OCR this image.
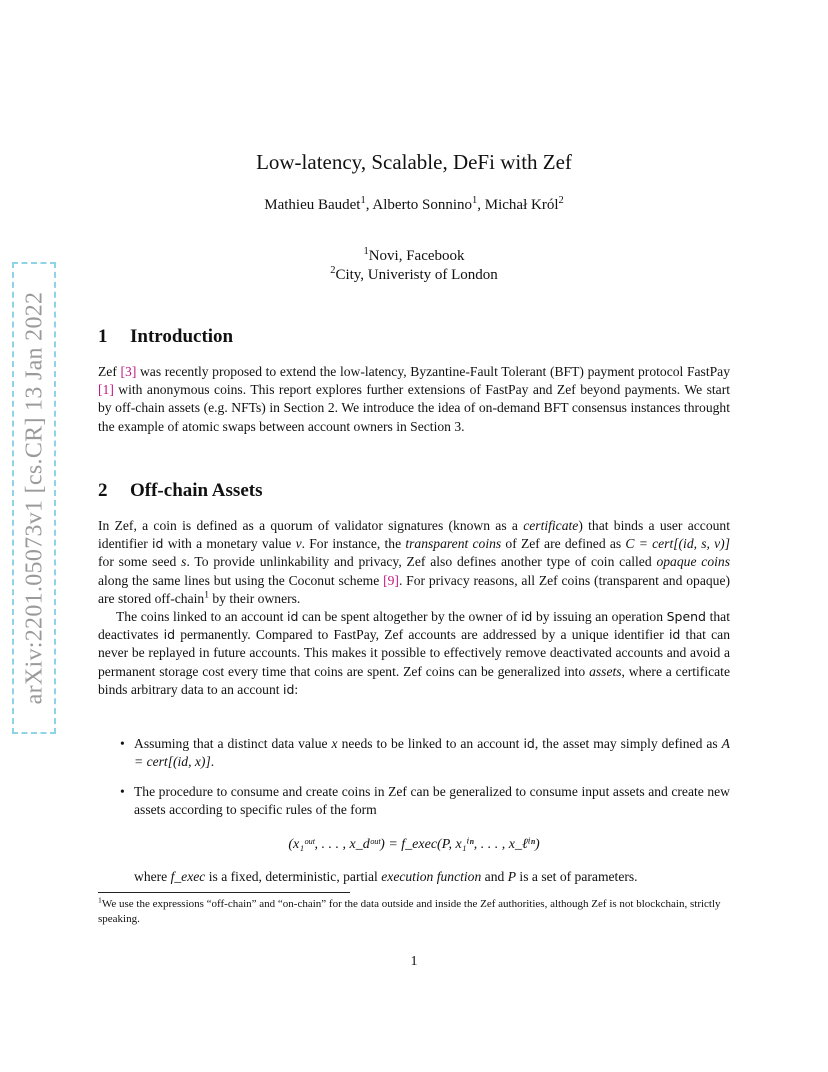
arXiv:2201.05073v1 [cs.CR] 13 Jan 2022
Low-latency, Scalable, DeFi with Zef
Mathieu Baudet$^1$, Alberto Sonnino$^1$, Michał Król$^2$
$^1$Novi, Facebook
$^2$City, Univeristy of London
1 Introduction

Zef [3] was recently proposed to extend the low-latency, Byzantine-Fault Tolerant (BFT) payment protocol FastPay [1] with anonymous coins. This report explores further extensions of FastPay and Zef beyond payments. We start by off-chain assets (e.g. NFTs) in Section 2. We introduce the idea of on-demand BFT consensus instances throught the example of atomic swaps between account owners in Section 3.

2 Off-chain Assets

In Zef, a coin is defined as a quorum of validator signatures (known as a certificate) that binds a user account identifier id with a monetary value v. For instance, the transparent coins of Zef are defined as C = cert[(id, s, v)] for some seed s. To provide unlinkability and privacy, Zef also defines another type of coin called opaque coins along the same lines but using the Coconut scheme [9]. For privacy reasons, all Zef coins (transparent and opaque) are stored off-chain$^1$ by their owners.

The coins linked to an account id can be spent altogether by the owner of id by issuing an operation Spend that deactivates id permanently. Compared to FastPay, Zef accounts are addressed by a unique identifier id that can never be replayed in future accounts. This makes it possible to effectively remove deactivated accounts and avoid a permanent storage cost every time that coins are spent. Zef coins can be generalized into assets, where a certificate binds arbitrary data to an account id:

• Assuming that a distinct data value x needs to be linked to an account id, the asset may simply defined as A = cert[(id, x)].
• The procedure to consume and create coins in Zef can be generalized to consume input assets and create new assets according to specific rules of the form
(x₁ᵒᵘᵗ, . . . , x_dᵒᵘᵗ) = f_exec(P, x₁ⁱⁿ, . . . , x_ℓⁱⁿ)
where f_exec is a fixed, deterministic, partial execution function and P is a set of parameters.
$^1$We use the expressions “off-chain” and “on-chain” for the data outside and inside the Zef authorities, although Zef is not blockchain, strictly speaking.
1
